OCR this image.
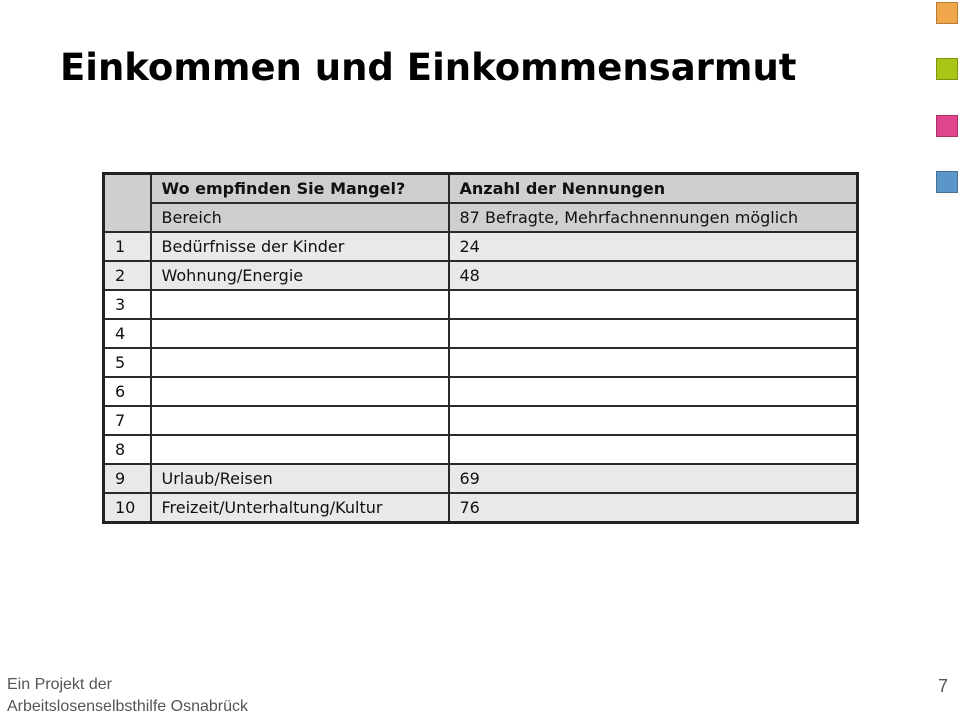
Einkommen und Einkommensarmut
	Wo empfinden Sie Mangel?	Anzahl der Nennungen
	Bereich	87 Befragte, Mehrfachnennungen möglich
1	Bedürfnisse der Kinder	24
2	Wohnung/Energie	48
3		
4		
5		
6		
7		
8		
9	Urlaub/Reisen	69
10	Freizeit/Unterhaltung/Kultur	76
Ein Projekt der
Arbeitslosenselbsthilfe Osnabrück
7
